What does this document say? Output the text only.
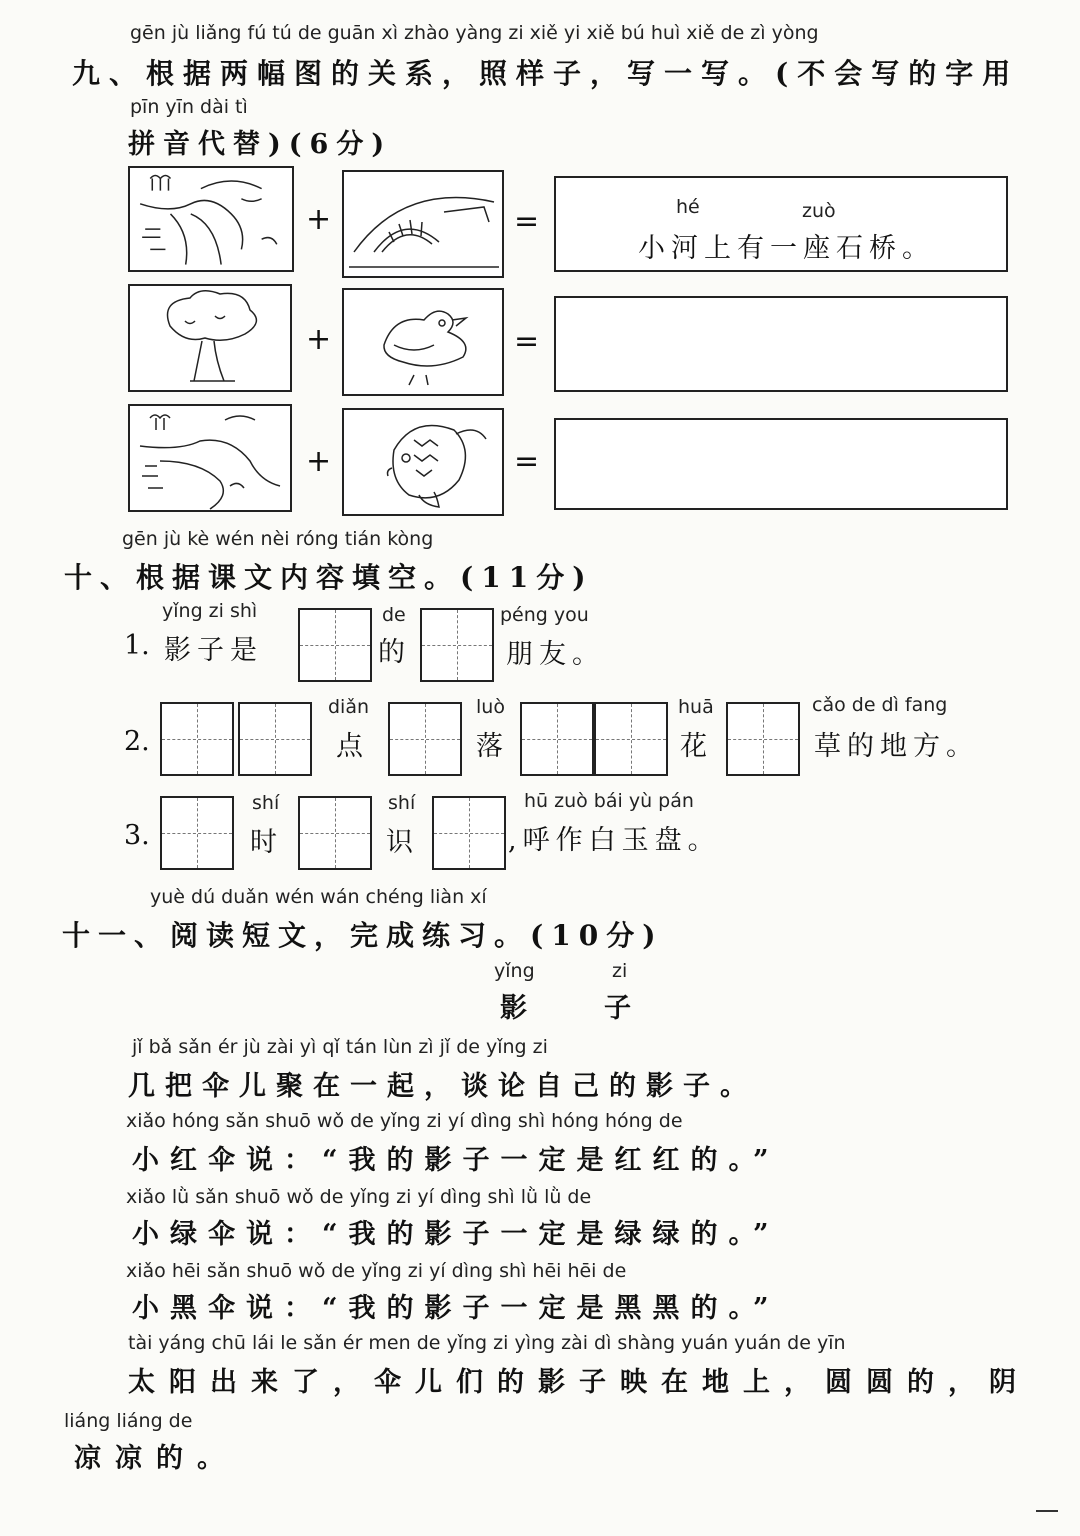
gēn jù liǎng fú tú de guān xì zhào yàng zi xiě yi xiě bú huì xiě de zì yòng
九、根据两幅图的关系，照样子，写一写。(不会写的字用
pīn yīn dài tì
拼音代替)(6分)
+	=	hé	zuò
小河上有一座石桥。
+	=
+	=
gēn jù kè wén nèi róng tián kòng
十、根据课文内容填空。(11分)
1.
yǐng zi shì
影子是
de
的
péng you
朋友。
2.
diǎn
点
luò
落
huā
花
cǎo de dì fang
草的地方。
3.
shí
时
shí
识
hū zuò bái yù pán
,呼作白玉盘。
yuè dú duǎn wén wán chéng liàn xí
十一、阅读短文，完成练习。(10分)
yǐng	zi
影	子
jǐ bǎ sǎn ér jù zài yì qǐ tán lùn zì jǐ de yǐng zi
几把伞儿聚在一起，谈论自己的影子。
xiǎo hóng sǎn shuō wǒ de yǐng zi yí dìng shì hóng hóng de
小红伞说：“我的影子一定是红红的。”
xiǎo lǜ sǎn shuō wǒ de yǐng zi yí dìng shì lǜ lǜ de
小绿伞说：“我的影子一定是绿绿的。”
xiǎo hēi sǎn shuō wǒ de yǐng zi yí dìng shì hēi hēi de
小黑伞说：“我的影子一定是黑黑的。”
tài yáng chū lái le sǎn ér men de yǐng zi yìng zài dì shàng yuán yuán de yīn
太阳出来了，伞儿们的影子映在地上，圆圆的，阴
liáng liáng de
凉凉的。
